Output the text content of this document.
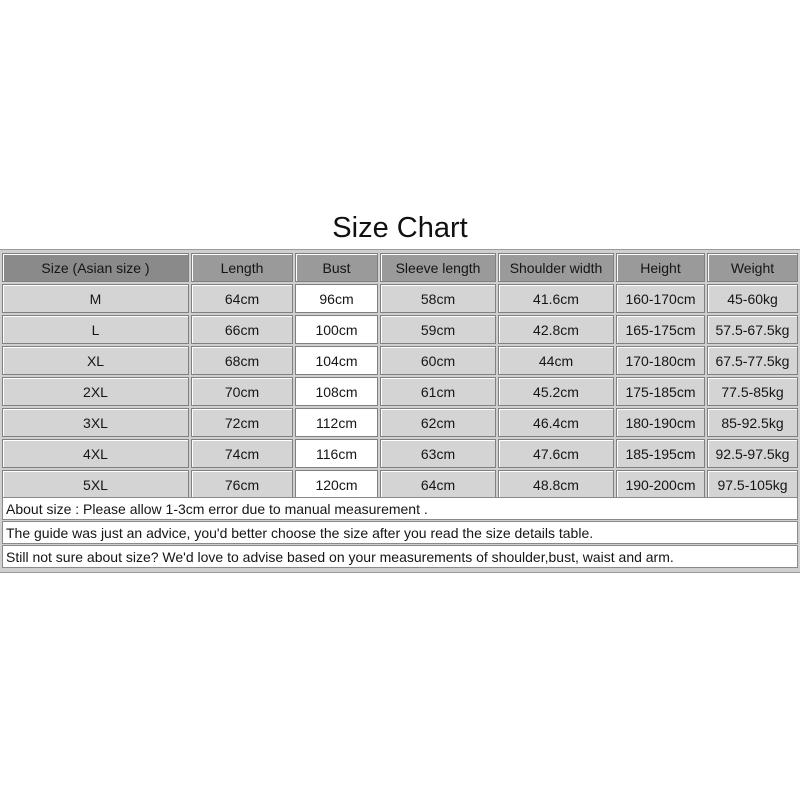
Size Chart
Size (Asian size )	Length	Bust	Sleeve length	Shoulder width	Height	Weight
M	64cm	96cm	58cm	41.6cm	160-170cm	45-60kg
L	66cm	100cm	59cm	42.8cm	165-175cm	57.5-67.5kg
XL	68cm	104cm	60cm	44cm	170-180cm	67.5-77.5kg
2XL	70cm	108cm	61cm	45.2cm	175-185cm	77.5-85kg
3XL	72cm	112cm	62cm	46.4cm	180-190cm	85-92.5kg
4XL	74cm	116cm	63cm	47.6cm	185-195cm	92.5-97.5kg
5XL	76cm	120cm	64cm	48.8cm	190-200cm	97.5-105kg
About size : Please allow 1-3cm error due to manual measurement .
The guide was just an advice, you'd better choose the size after you read the size details table.
Still not sure about size? We'd love to advise based on your measurements of shoulder,bust, waist and arm.
